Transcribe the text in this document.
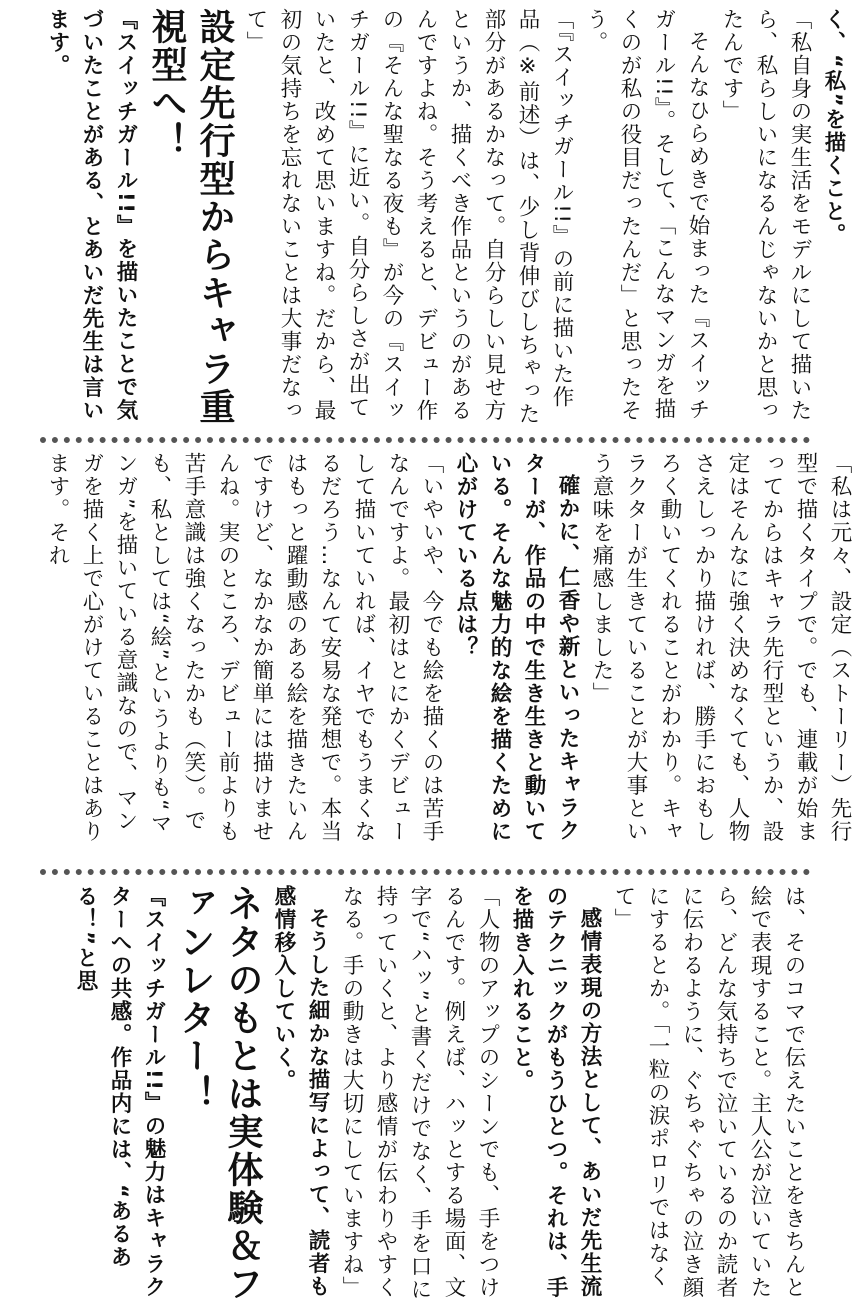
く、“私”を描くこと。

「私自身の実生活をモデルにして描いたら、私らしいになるんじゃないかと思ったんです」

そんなひらめきで始まった『スイッチガール!!』。そして、「こんなマンガを描くのが私の役目だったんだ」と思ったそう。

「『スイッチガール!!』の前に描いた作品（※前述）は、少し背伸びしちゃった部分があるかなって。自分らしい見せ方というか、描くべき作品というのがあるんですよね。そう考えると、デビュー作の『そんな聖なる夜も』が今の『スイッチガール!!』に近い。自分らしさが出ていたと、改めて思いますね。だから、最初の気持ちを忘れないことは大事だなって」

設定先行型からキャラ重視型へ！

『スイッチガール!!』を描いたことで気づいたことがある、とあいだ先生は言います。

「私は元々、設定（ストーリー）先行型で描くタイプで。でも、連載が始まってからはキャラ先行型というか、設定はそんなに強く決めなくても、人物さえしっかり描ければ、勝手におもしろく動いてくれることがわかり。キャラクターが生きていることが大事という意味を痛感しました」

確かに、仁香や新といったキャラクターが、作品の中で生き生きと動いている。そんな魅力的な絵を描くために心がけている点は？

「いやいや、今でも絵を描くのは苦手なんですよ。最初はとにかくデビューして描いていれば、イヤでもうまくなるだろう…なんて安易な発想で。本当はもっと躍動感のある絵を描きたいんですけど、なかなか簡単には描けませんね。実のところ、デビュー前よりも苦手意識は強くなったかも（笑）。でも、私としては“絵”というよりも“マンガ”を描いている意識なので、マンガを描く上で心がけていることはあります。それ

は、そのコマで伝えたいことをきちんと絵で表現すること。主人公が泣いていたら、どんな気持ちで泣いているのか読者に伝わるように、ぐちゃぐちゃの泣き顔にするとか。「一粒の涙ポロリではなくて」

感情表現の方法として、あいだ先生流のテクニックがもうひとつ。それは、手を描き入れること。

「人物のアップのシーンでも、手をつけるんです。例えば、ハッとする場面、文字で“ハッ”と書くだけでなく、手を口に持っていくと、より感情が伝わりやすくなる。手の動きは大切にしていますね」

そうした細かな描写によって、読者も感情移入していく。

ネタのもとは実体験＆ファンレター！

『スイッチガール!!』の魅力はキャラクターへの共感。作品内には、“あるある！”と思
